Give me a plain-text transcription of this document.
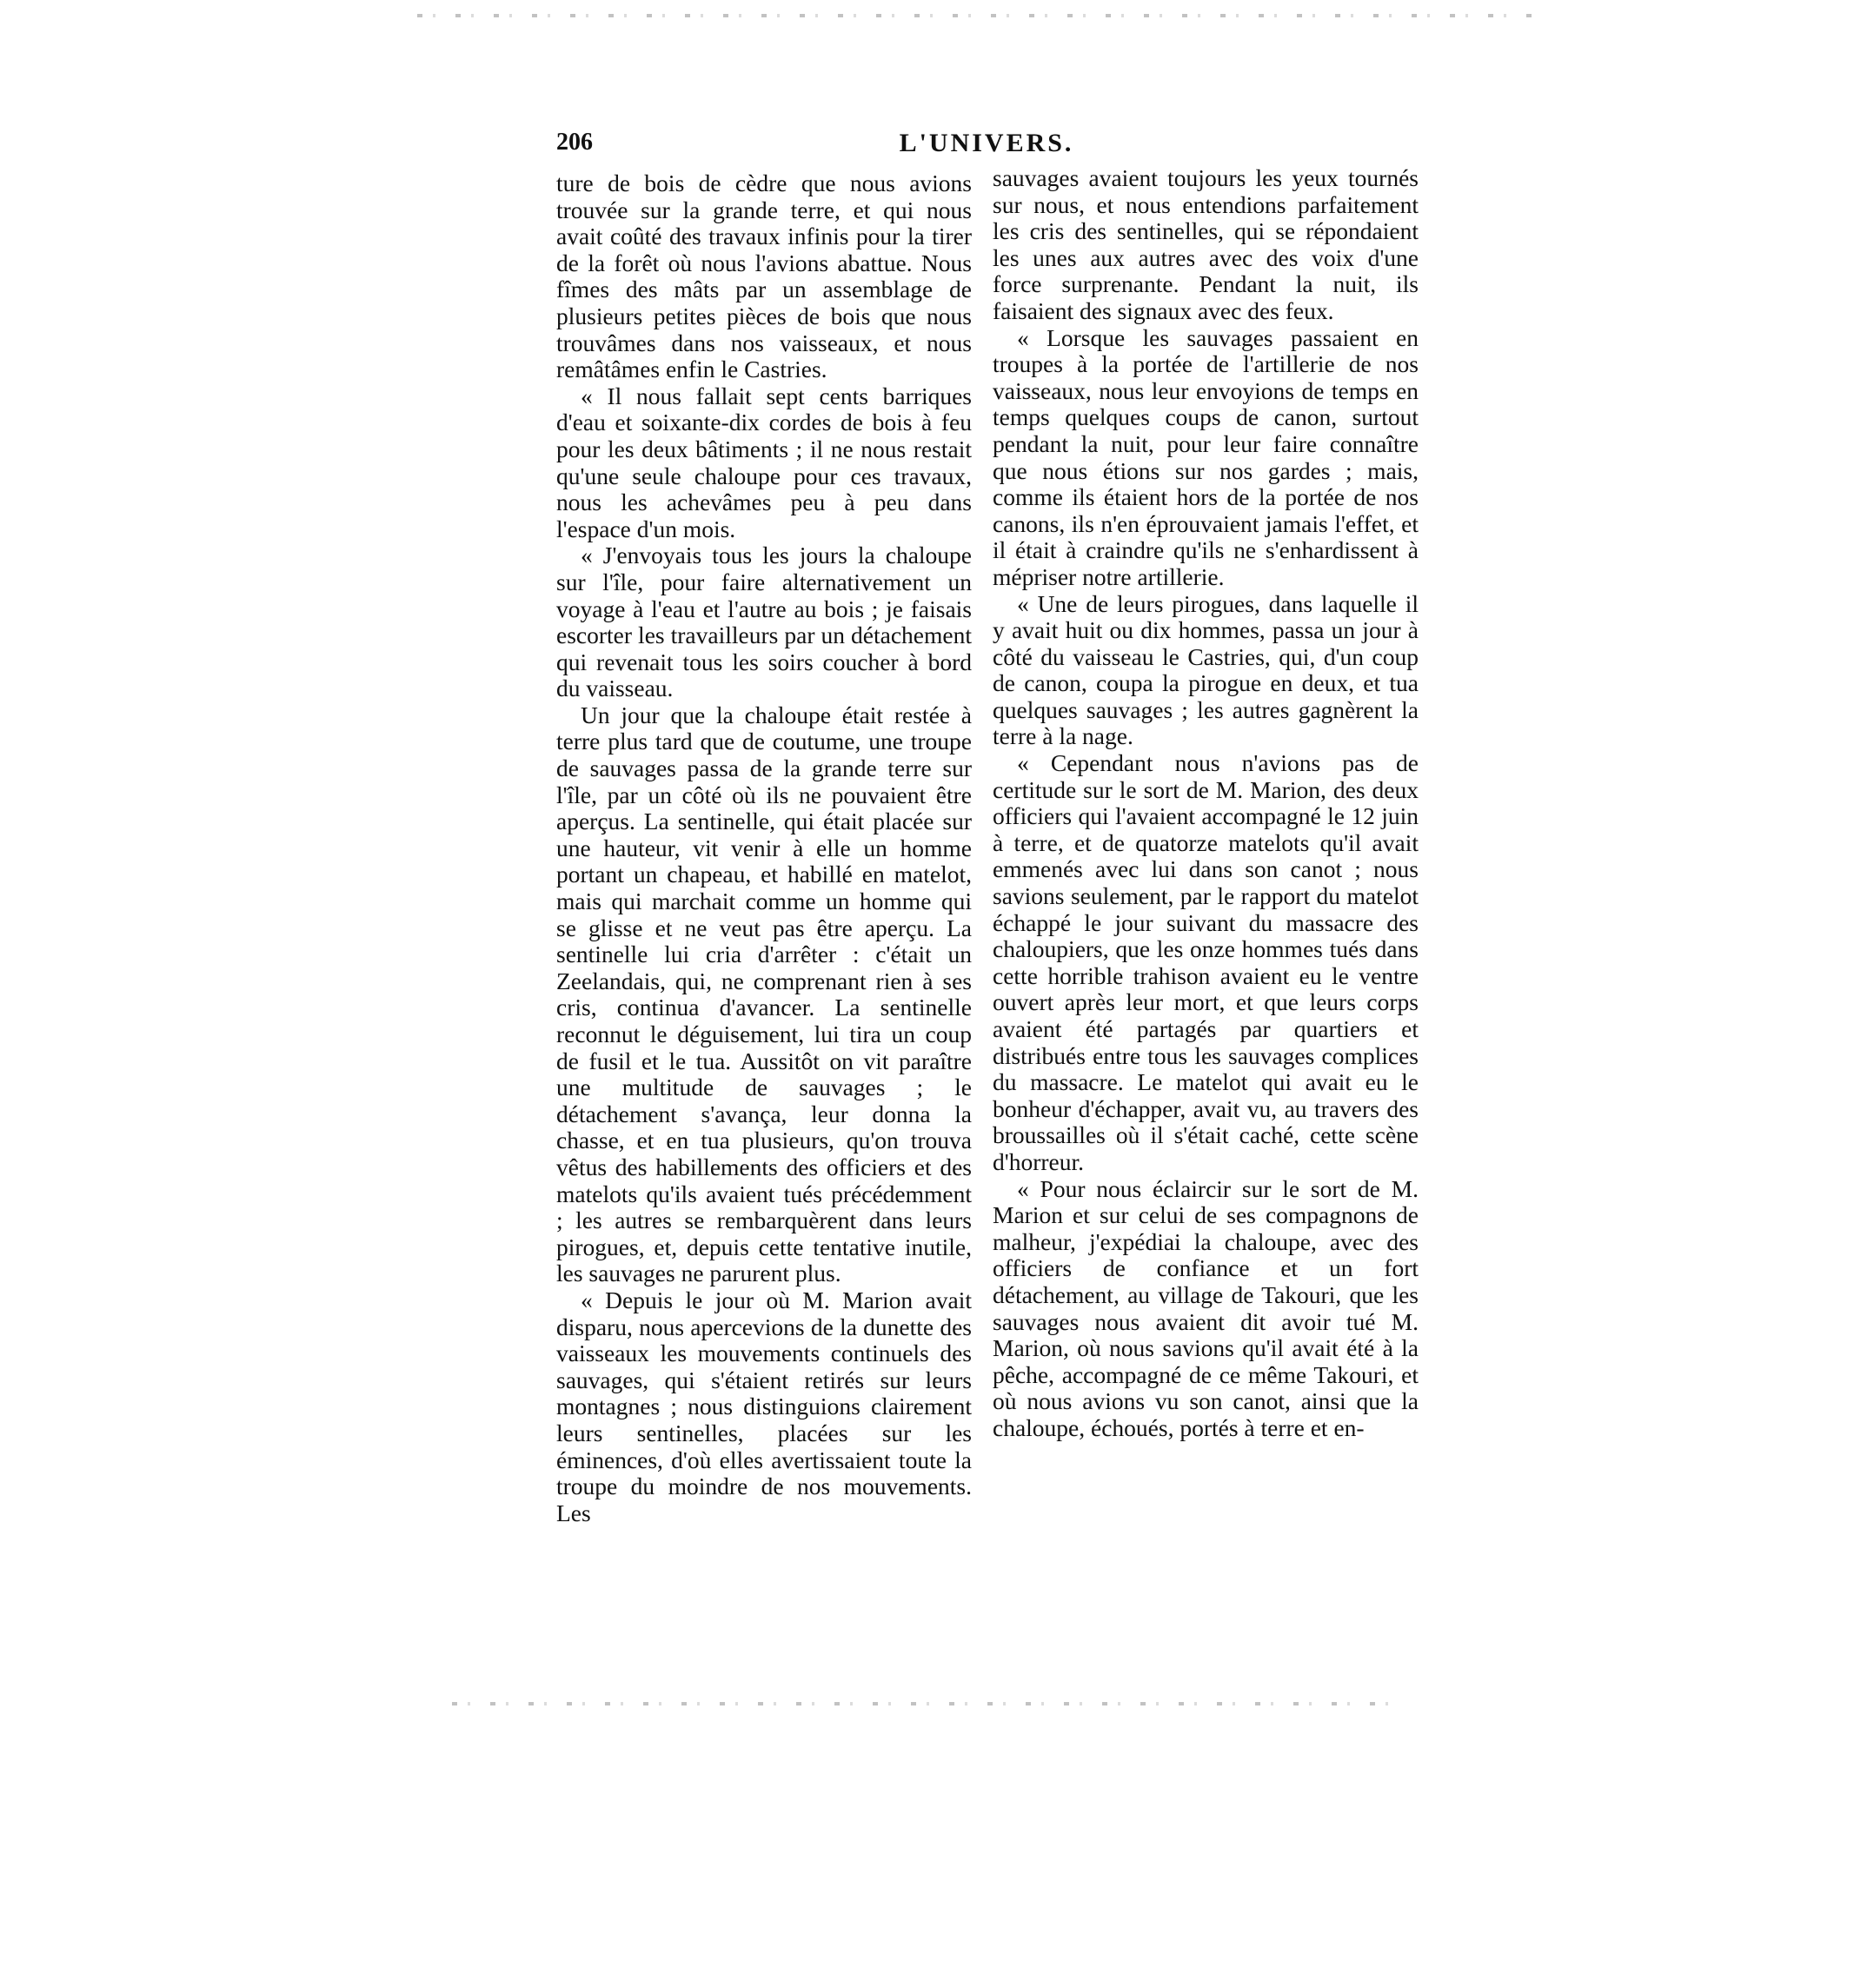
206	L'UNIVERS.

ture de bois de cèdre que nous avions trouvée sur la grande terre, et qui nous avait coûté des travaux infinis pour la tirer de la forêt où nous l'avions abattue. Nous fîmes des mâts par un assemblage de plusieurs petites pièces de bois que nous trouvâmes dans nos vaisseaux, et nous remâtâmes enfin le Castries.

« Il nous fallait sept cents barriques d'eau et soixante-dix cordes de bois à feu pour les deux bâtiments ; il ne nous restait qu'une seule chaloupe pour ces travaux, nous les achevâmes peu à peu dans l'espace d'un mois.

« J'envoyais tous les jours la chaloupe sur l'île, pour faire alternativement un voyage à l'eau et l'autre au bois ; je faisais escorter les travailleurs par un détachement qui revenait tous les soirs coucher à bord du vaisseau.

Un jour que la chaloupe était restée à terre plus tard que de coutume, une troupe de sauvages passa de la grande terre sur l'île, par un côté où ils ne pouvaient être aperçus. La sentinelle, qui était placée sur une hauteur, vit venir à elle un homme portant un chapeau, et habillé en matelot, mais qui marchait comme un homme qui se glisse et ne veut pas être aperçu. La sentinelle lui cria d'arrêter : c'était un Zeelandais, qui, ne comprenant rien à ses cris, continua d'avancer. La sentinelle reconnut le déguisement, lui tira un coup de fusil et le tua. Aussitôt on vit paraître une multitude de sauvages ; le détachement s'avança, leur donna la chasse, et en tua plusieurs, qu'on trouva vêtus des habillements des officiers et des matelots qu'ils avaient tués précédemment ; les autres se rembarquèrent dans leurs pirogues, et, depuis cette tentative inutile, les sauvages ne parurent plus.

« Depuis le jour où M. Marion avait disparu, nous apercevions de la dunette des vaisseaux les mouvements continuels des sauvages, qui s'étaient retirés sur leurs montagnes ; nous distinguions clairement leurs sentinelles, placées sur les éminences, d'où elles avertissaient toute la troupe du moindre de nos mouvements. Les

sauvages avaient toujours les yeux tournés sur nous, et nous entendions parfaitement les cris des sentinelles, qui se répondaient les unes aux autres avec des voix d'une force surprenante. Pendant la nuit, ils faisaient des signaux avec des feux.

« Lorsque les sauvages passaient en troupes à la portée de l'artillerie de nos vaisseaux, nous leur envoyions de temps en temps quelques coups de canon, surtout pendant la nuit, pour leur faire connaître que nous étions sur nos gardes ; mais, comme ils étaient hors de la portée de nos canons, ils n'en éprouvaient jamais l'effet, et il était à craindre qu'ils ne s'enhardissent à mépriser notre artillerie.

« Une de leurs pirogues, dans laquelle il y avait huit ou dix hommes, passa un jour à côté du vaisseau le Castries, qui, d'un coup de canon, coupa la pirogue en deux, et tua quelques sauvages ; les autres gagnèrent la terre à la nage.

« Cependant nous n'avions pas de certitude sur le sort de M. Marion, des deux officiers qui l'avaient accompagné le 12 juin à terre, et de quatorze matelots qu'il avait emmenés avec lui dans son canot ; nous savions seulement, par le rapport du matelot échappé le jour suivant du massacre des chaloupiers, que les onze hommes tués dans cette horrible trahison avaient eu le ventre ouvert après leur mort, et que leurs corps avaient été partagés par quartiers et distribués entre tous les sauvages complices du massacre. Le matelot qui avait eu le bonheur d'échapper, avait vu, au travers des broussailles où il s'était caché, cette scène d'horreur.

« Pour nous éclaircir sur le sort de M. Marion et sur celui de ses compagnons de malheur, j'expédiai la chaloupe, avec des officiers de confiance et un fort détachement, au village de Takouri, que les sauvages nous avaient dit avoir tué M. Marion, où nous savions qu'il avait été à la pêche, accompagné de ce même Takouri, et où nous avions vu son canot, ainsi que la chaloupe, échoués, portés à terre et en-
